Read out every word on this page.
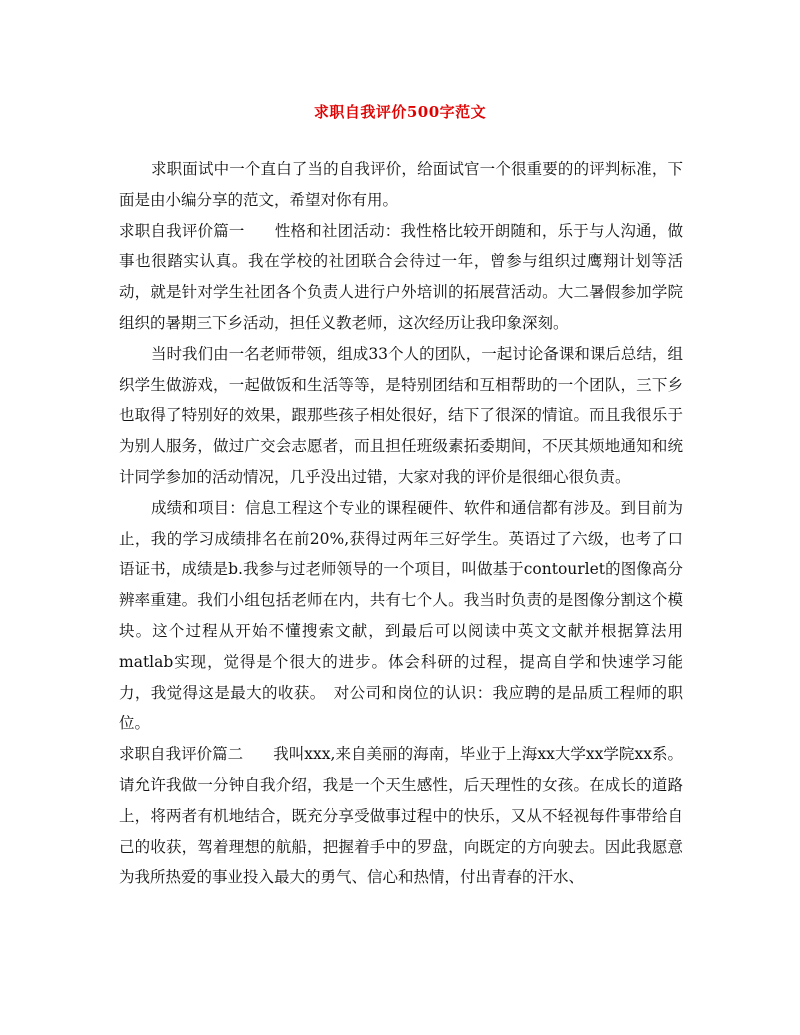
求职自我评价500字范文

求职面试中一个直白了当的自我评价，给面试官一个很重要的的评判标准，下面是由小编分享的范文，希望对你有用。

求职自我评价篇一 性格和社团活动：我性格比较开朗随和，乐于与人沟通，做事也很踏实认真。我在学校的社团联合会待过一年，曾参与组织过鹰翔计划等活动，就是针对学生社团各个负责人进行户外培训的拓展营活动。大二暑假参加学院组织的暑期三下乡活动，担任义教老师，这次经历让我印象深刻。

当时我们由一名老师带领，组成33个人的团队，一起讨论备课和课后总结，组织学生做游戏，一起做饭和生活等等，是特别团结和互相帮助的一个团队，三下乡也取得了特别好的效果，跟那些孩子相处很好，结下了很深的情谊。而且我很乐于为别人服务，做过广交会志愿者，而且担任班级素拓委期间，不厌其烦地通知和统计同学参加的活动情况，几乎没出过错，大家对我的评价是很细心很负责。

成绩和项目：信息工程这个专业的课程硬件、软件和通信都有涉及。到目前为止，我的学习成绩排名在前20%,获得过两年三好学生。英语过了六级，也考了口语证书，成绩是b.我参与过老师领导的一个项目，叫做基于contourlet的图像高分辨率重建。我们小组包括老师在内，共有七个人。我当时负责的是图像分割这个模块。这个过程从开始不懂搜索文献，到最后可以阅读中英文文献并根据算法用matlab实现，觉得是个很大的进步。体会科研的过程，提高自学和快速学习能力，我觉得这是最大的收获。　对公司和岗位的认识：我应聘的是品质工程师的职位。

求职自我评价篇二 我叫xxx,来自美丽的海南，毕业于上海xx大学xx学院xx系。请允许我做一分钟自我介绍，我是一个天生感性，后天理性的女孩。在成长的道路上，将两者有机地结合，既充分享受做事过程中的快乐，又从不轻视每件事带给自己的收获，驾着理想的航船，把握着手中的罗盘，向既定的方向驶去。因此我愿意为我所热爱的事业投入最大的勇气、信心和热情，付出青春的汗水、
